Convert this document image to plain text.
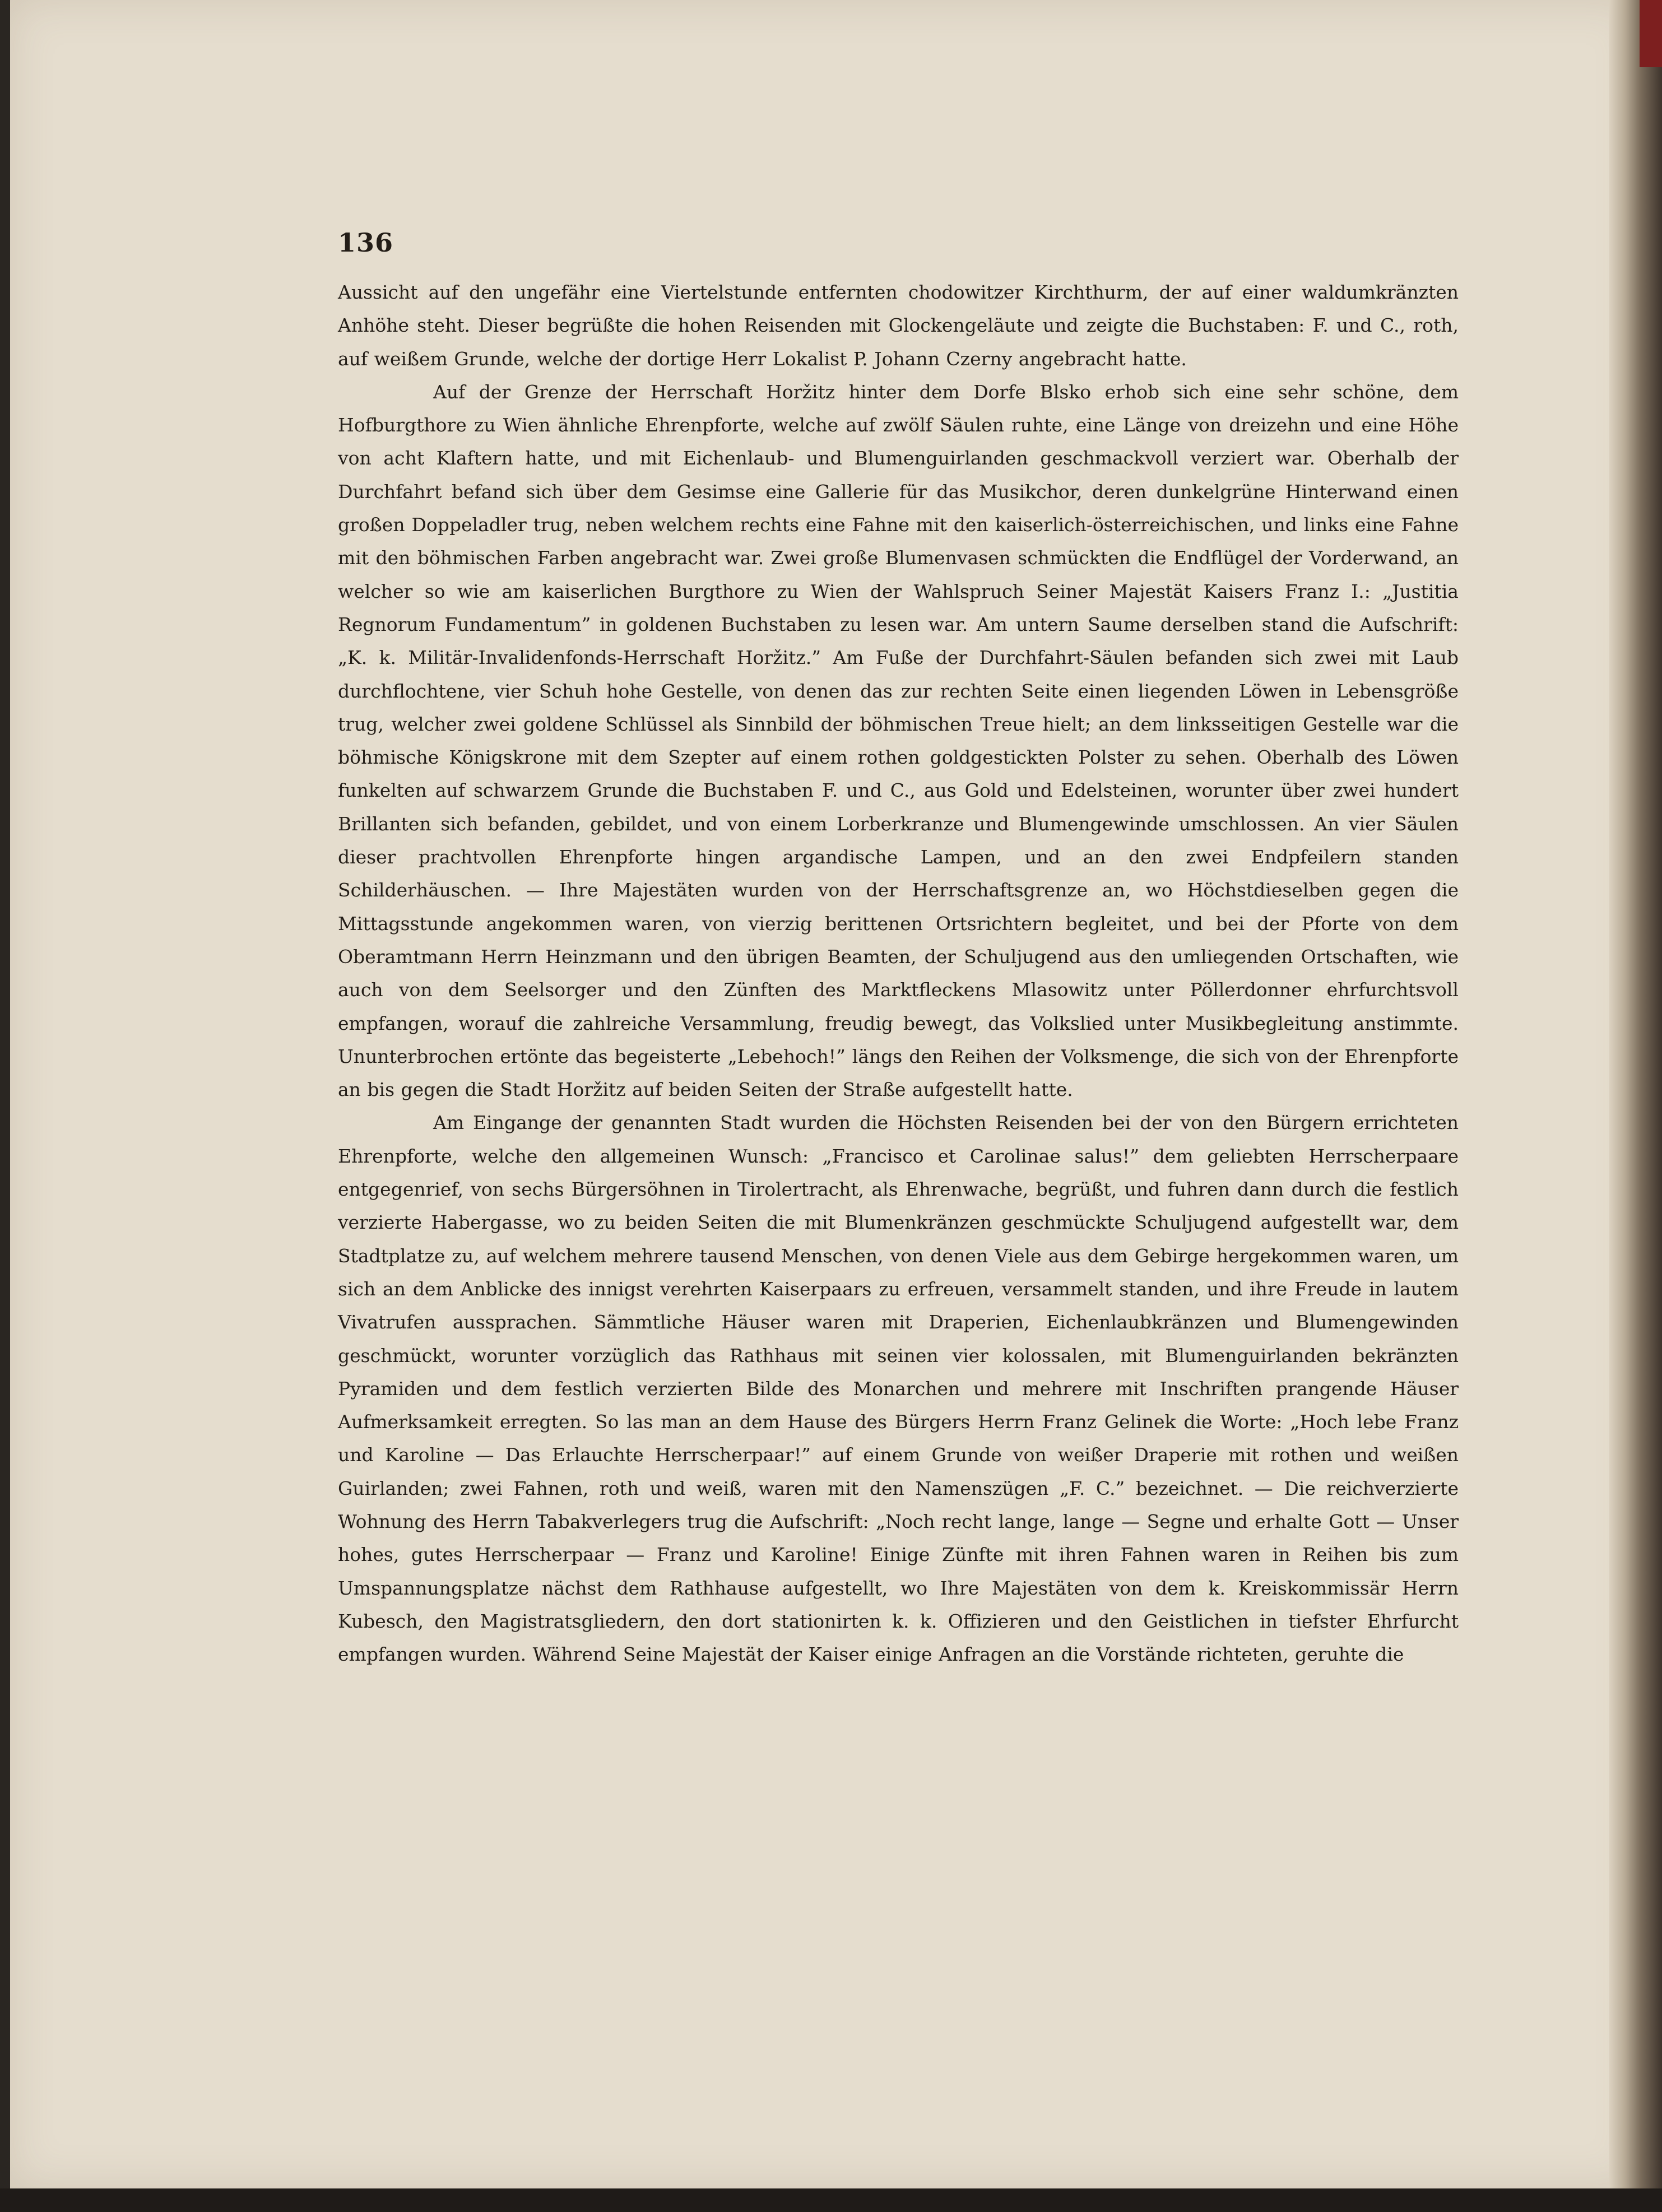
136

Aussicht auf den ungefähr eine Viertelstunde entfernten chodowitzer Kirchthurm, der auf einer waldumkränzten Anhöhe steht. Dieser begrüßte die hohen Reisenden mit Glockengeläute und zeigte die Buchstaben: F. und C., roth, auf weißem Grunde, welche der dortige Herr Lokalist P. Johann Czerny angebracht hatte.

Auf der Grenze der Herrschaft Horžitz hinter dem Dorfe Blsko erhob sich eine sehr schöne, dem Hofburgthore zu Wien ähnliche Ehrenpforte, welche auf zwölf Säulen ruhte, eine Länge von dreizehn und eine Höhe von acht Klaftern hatte, und mit Eichenlaub- und Blumenguirlanden geschmackvoll verziert war. Oberhalb der Durchfahrt befand sich über dem Gesimse eine Gallerie für das Musikchor, deren dunkelgrüne Hinterwand einen großen Doppeladler trug, neben welchem rechts eine Fahne mit den kaiserlich-österreichischen, und links eine Fahne mit den böhmischen Farben angebracht war. Zwei große Blumenvasen schmückten die Endflügel der Vorderwand, an welcher so wie am kaiserlichen Burgthore zu Wien der Wahlspruch Seiner Majestät Kaisers Franz I.: „Justitia Regnorum Fundamentum” in goldenen Buchstaben zu lesen war. Am untern Saume derselben stand die Aufschrift: „K. k. Militär-Invalidenfonds-Herrschaft Horžitz.” Am Fuße der Durchfahrt-Säulen befanden sich zwei mit Laub durchflochtene, vier Schuh hohe Gestelle, von denen das zur rechten Seite einen liegenden Löwen in Lebensgröße trug, welcher zwei goldene Schlüssel als Sinnbild der böhmischen Treue hielt; an dem linksseitigen Gestelle war die böhmische Königskrone mit dem Szepter auf einem rothen goldgestickten Polster zu sehen. Oberhalb des Löwen funkelten auf schwarzem Grunde die Buchstaben F. und C., aus Gold und Edelsteinen, worunter über zwei hundert Brillanten sich befanden, gebildet, und von einem Lorberkranze und Blumengewinde umschlossen. An vier Säulen dieser prachtvollen Ehrenpforte hingen argandische Lampen, und an den zwei Endpfeilern standen Schilderhäuschen. — Ihre Majestäten wurden von der Herrschaftsgrenze an, wo Höchstdieselben gegen die Mittagsstunde angekommen waren, von vierzig berittenen Ortsrichtern begleitet, und bei der Pforte von dem Oberamtmann Herrn Heinzmann und den übrigen Beamten, der Schuljugend aus den umliegenden Ortschaften, wie auch von dem Seelsorger und den Zünften des Marktfleckens Mlasowitz unter Pöllerdonner ehrfurchtsvoll empfangen, worauf die zahlreiche Versammlung, freudig bewegt, das Volkslied unter Musikbegleitung anstimmte. Ununterbrochen ertönte das begeisterte „Lebehoch!” längs den Reihen der Volksmenge, die sich von der Ehrenpforte an bis gegen die Stadt Horžitz auf beiden Seiten der Straße aufgestellt hatte.

Am Eingange der genannten Stadt wurden die Höchsten Reisenden bei der von den Bürgern errichteten Ehrenpforte, welche den allgemeinen Wunsch: „Francisco et Carolinae salus!” dem geliebten Herrscherpaare entgegenrief, von sechs Bürgersöhnen in Tirolertracht, als Ehrenwache, begrüßt, und fuhren dann durch die festlich verzierte Habergasse, wo zu beiden Seiten die mit Blumenkränzen geschmückte Schuljugend aufgestellt war, dem Stadtplatze zu, auf welchem mehrere tausend Menschen, von denen Viele aus dem Gebirge hergekommen waren, um sich an dem Anblicke des innigst verehrten Kaiserpaars zu erfreuen, versammelt standen, und ihre Freude in lautem Vivatrufen aussprachen. Sämmtliche Häuser waren mit Draperien, Eichenlaubkränzen und Blumengewinden geschmückt, worunter vorzüglich das Rathhaus mit seinen vier kolossalen, mit Blumenguirlanden bekränzten Pyramiden und dem festlich verzierten Bilde des Monarchen und mehrere mit Inschriften prangende Häuser Aufmerksamkeit erregten. So las man an dem Hause des Bürgers Herrn Franz Gelinek die Worte: „Hoch lebe Franz und Karoline — Das Erlauchte Herrscherpaar!” auf einem Grunde von weißer Draperie mit rothen und weißen Guirlanden; zwei Fahnen, roth und weiß, waren mit den Namenszügen „F. C.” bezeichnet. — Die reichverzierte Wohnung des Herrn Tabakverlegers trug die Aufschrift: „Noch recht lange, lange — Segne und erhalte Gott — Unser hohes, gutes Herrscherpaar — Franz und Karoline! Einige Zünfte mit ihren Fahnen waren in Reihen bis zum Umspannungsplatze nächst dem Rathhause aufgestellt, wo Ihre Majestäten von dem k. Kreiskommissär Herrn Kubesch, den Magistratsgliedern, den dort stationirten k. k. Offizieren und den Geistlichen in tiefster Ehrfurcht empfangen wurden. Während Seine Majestät der Kaiser einige Anfragen an die Vorstände richteten, geruhte die
